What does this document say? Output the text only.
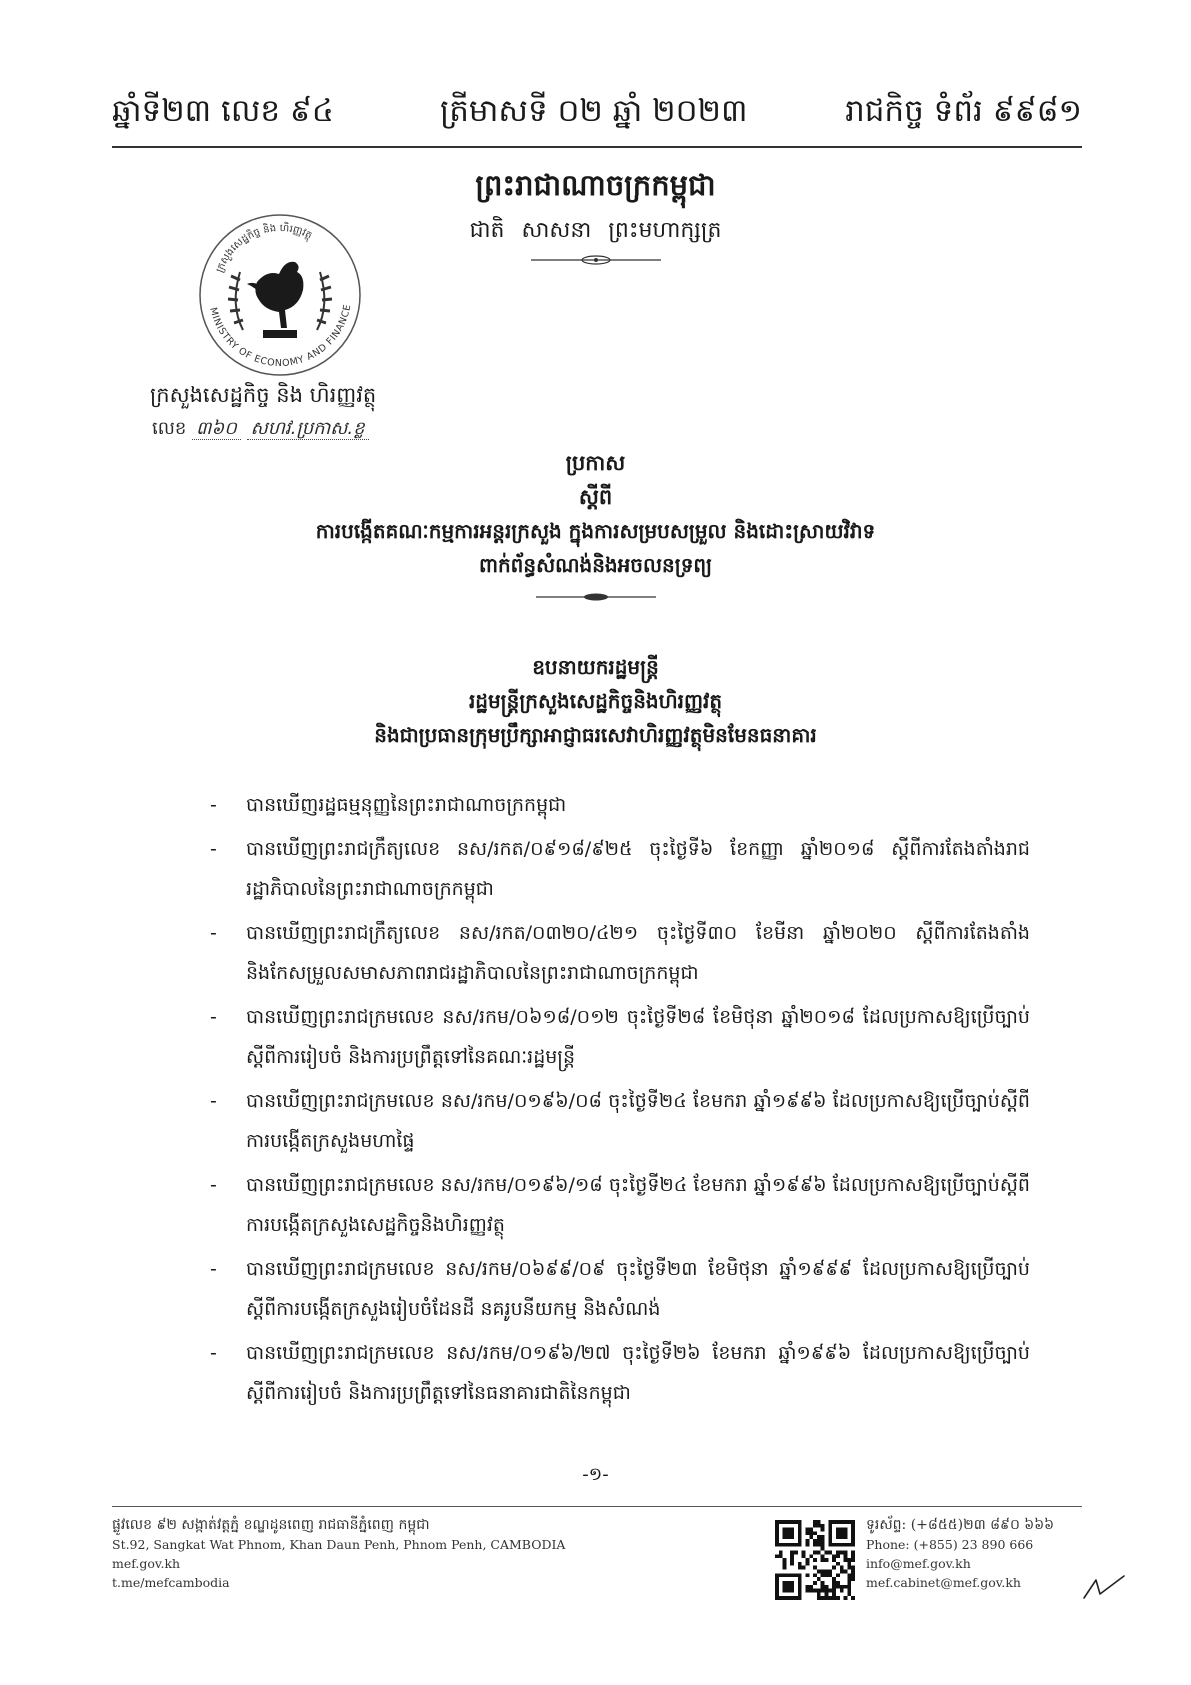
ឆ្នាំទី២៣ លេខ ៩៤	ត្រីមាសទី ០២ ឆ្នាំ ២០២៣	រាជកិច្ច ទំព័រ ៩៩៨១
ព្រះរាជាណាចក្រកម្ពុជា
ជាតិ សាសនា ព្រះមហាក្សត្រ
MINISTRY OF ECONOMY AND FINANCE
ក្រសួងសេដ្ឋកិច្ច និង ហិរញ្ញវត្ថុ
ក្រសួងសេដ្ឋកិច្ច និង ហិរញ្ញវត្ថុ
លេខ ៣៦០ សហវ.ប្រកាស.ខ្ល
ប្រកាស
ស្តីពី
ការបង្កើតគណៈកម្មការអន្តរក្រសួង ក្នុងការសម្របសម្រួល និងដោះស្រាយវិវាទ
ពាក់ព័ន្ធសំណង់និងអចលនទ្រព្យ
ឧបនាយករដ្ឋមន្ត្រី
រដ្ឋមន្ត្រីក្រសួងសេដ្ឋកិច្ចនិងហិរញ្ញវត្ថុ
និងជាប្រធានក្រុមប្រឹក្សាអាជ្ញាធរសេវាហិរញ្ញវត្ថុមិនមែនធនាគារ
- បានឃើញរដ្ឋធម្មនុញ្ញនៃព្រះរាជាណាចក្រកម្ពុជា
- បានឃើញព្រះរាជក្រឹត្យលេខ នស/រកត/០៩១៨/៩២៥ ចុះថ្ងៃទី៦ ខែកញ្ញា ឆ្នាំ២០១៨ ស្តីពីការតែងតាំងរាជរដ្ឋាភិបាលនៃព្រះរាជាណាចក្រកម្ពុជា
- បានឃើញព្រះរាជក្រឹត្យលេខ នស/រកត/០៣២០/៤២១ ចុះថ្ងៃទី៣០ ខែមីនា ឆ្នាំ២០២០ ស្តីពីការតែងតាំង និងកែសម្រួលសមាសភាពរាជរដ្ឋាភិបាលនៃព្រះរាជាណាចក្រកម្ពុជា
- បានឃើញព្រះរាជក្រមលេខ នស/រកម/០៦១៨/០១២ ចុះថ្ងៃទី២៨ ខែមិថុនា ឆ្នាំ២០១៨ ដែលប្រកាសឱ្យប្រើច្បាប់ស្តីពីការរៀបចំ និងការប្រព្រឹត្តទៅនៃគណៈរដ្ឋមន្ត្រី
- បានឃើញព្រះរាជក្រមលេខ នស/រកម/០១៩៦/០៨ ចុះថ្ងៃទី២៤ ខែមករា ឆ្នាំ១៩៩៦ ដែលប្រកាសឱ្យប្រើច្បាប់ស្តីពីការបង្កើតក្រសួងមហាផ្ទៃ
- បានឃើញព្រះរាជក្រមលេខ នស/រកម/០១៩៦/១៨ ចុះថ្ងៃទី២៤ ខែមករា ឆ្នាំ១៩៩៦ ដែលប្រកាសឱ្យប្រើច្បាប់ស្តីពីការបង្កើតក្រសួងសេដ្ឋកិច្ចនិងហិរញ្ញវត្ថុ
- បានឃើញព្រះរាជក្រមលេខ នស/រកម/០៦៩៩/០៩ ចុះថ្ងៃទី២៣ ខែមិថុនា ឆ្នាំ១៩៩៩ ដែលប្រកាសឱ្យប្រើច្បាប់ស្តីពីការបង្កើតក្រសួងរៀបចំដែនដី នគរូបនីយកម្ម និងសំណង់
- បានឃើញព្រះរាជក្រមលេខ នស/រកម/០១៩៦/២៧ ចុះថ្ងៃទី២៦ ខែមករា ឆ្នាំ១៩៩៦ ដែលប្រកាសឱ្យប្រើច្បាប់ស្តីពីការរៀបចំ និងការប្រព្រឹត្តទៅនៃធនាគារជាតិនៃកម្ពុជា
-១-
ផ្លូវលេខ ៩២ សង្កាត់វត្តភ្នំ ខណ្ឌដូនពេញ រាជធានីភ្នំពេញ កម្ពុជា
St.92, Sangkat Wat Phnom, Khan Daun Penh, Phnom Penh, CAMBODIA
mef.gov.kh
t.me/mefcambodia
ទូរស័ព្ទ: (+៨៥៥)២៣ ៨៩០ ៦៦៦
Phone: (+855) 23 890 666
info@mef.gov.kh
mef.cabinet@mef.gov.kh
